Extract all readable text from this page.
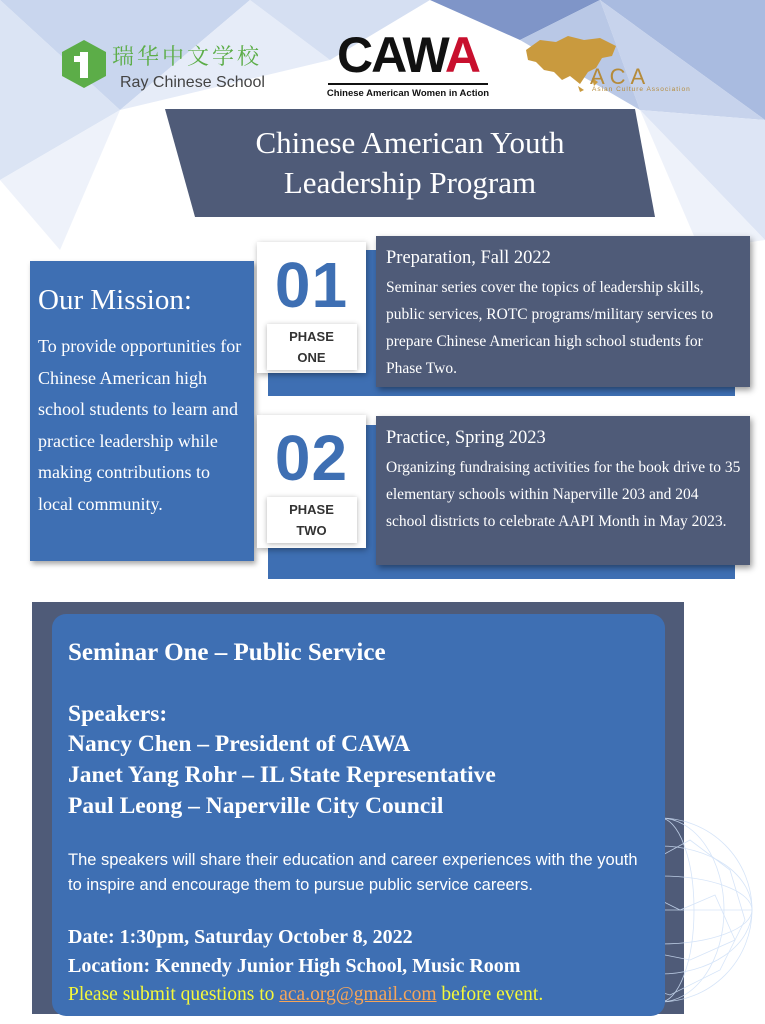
瑞华中文学校
Ray Chinese School CAWA
Chinese American Women in Action
ACA
Asian Culture Association
Chinese American Youth
Leadership Program
Our Mission:
To provide opportunities for Chinese American high school students to learn and practice leadership while making contributions to local community.
Preparation, Fall 2022
Seminar series cover the topics of leadership skills, public services, ROTC programs/military services to prepare Chinese American high school students for Phase Two.
01
PHASE
ONE
Practice, Spring 2023
Organizing fundraising activities for the book drive to 35 elementary schools within Naperville 203 and 204 school districts to celebrate AAPI Month in May 2023.
02
PHASE
TWO
Seminar One – Public Service
Speakers:
Nancy Chen – President of CAWA
Janet Yang Rohr – IL State Representative
Paul Leong – Naperville City Council
The speakers will share their education and career experiences with the youth to inspire and encourage them to pursue public service careers.
Date: 1:30pm, Saturday October 8, 2022
Location: Kennedy Junior High School, Music Room
Please submit questions to aca.org@gmail.com before event.
